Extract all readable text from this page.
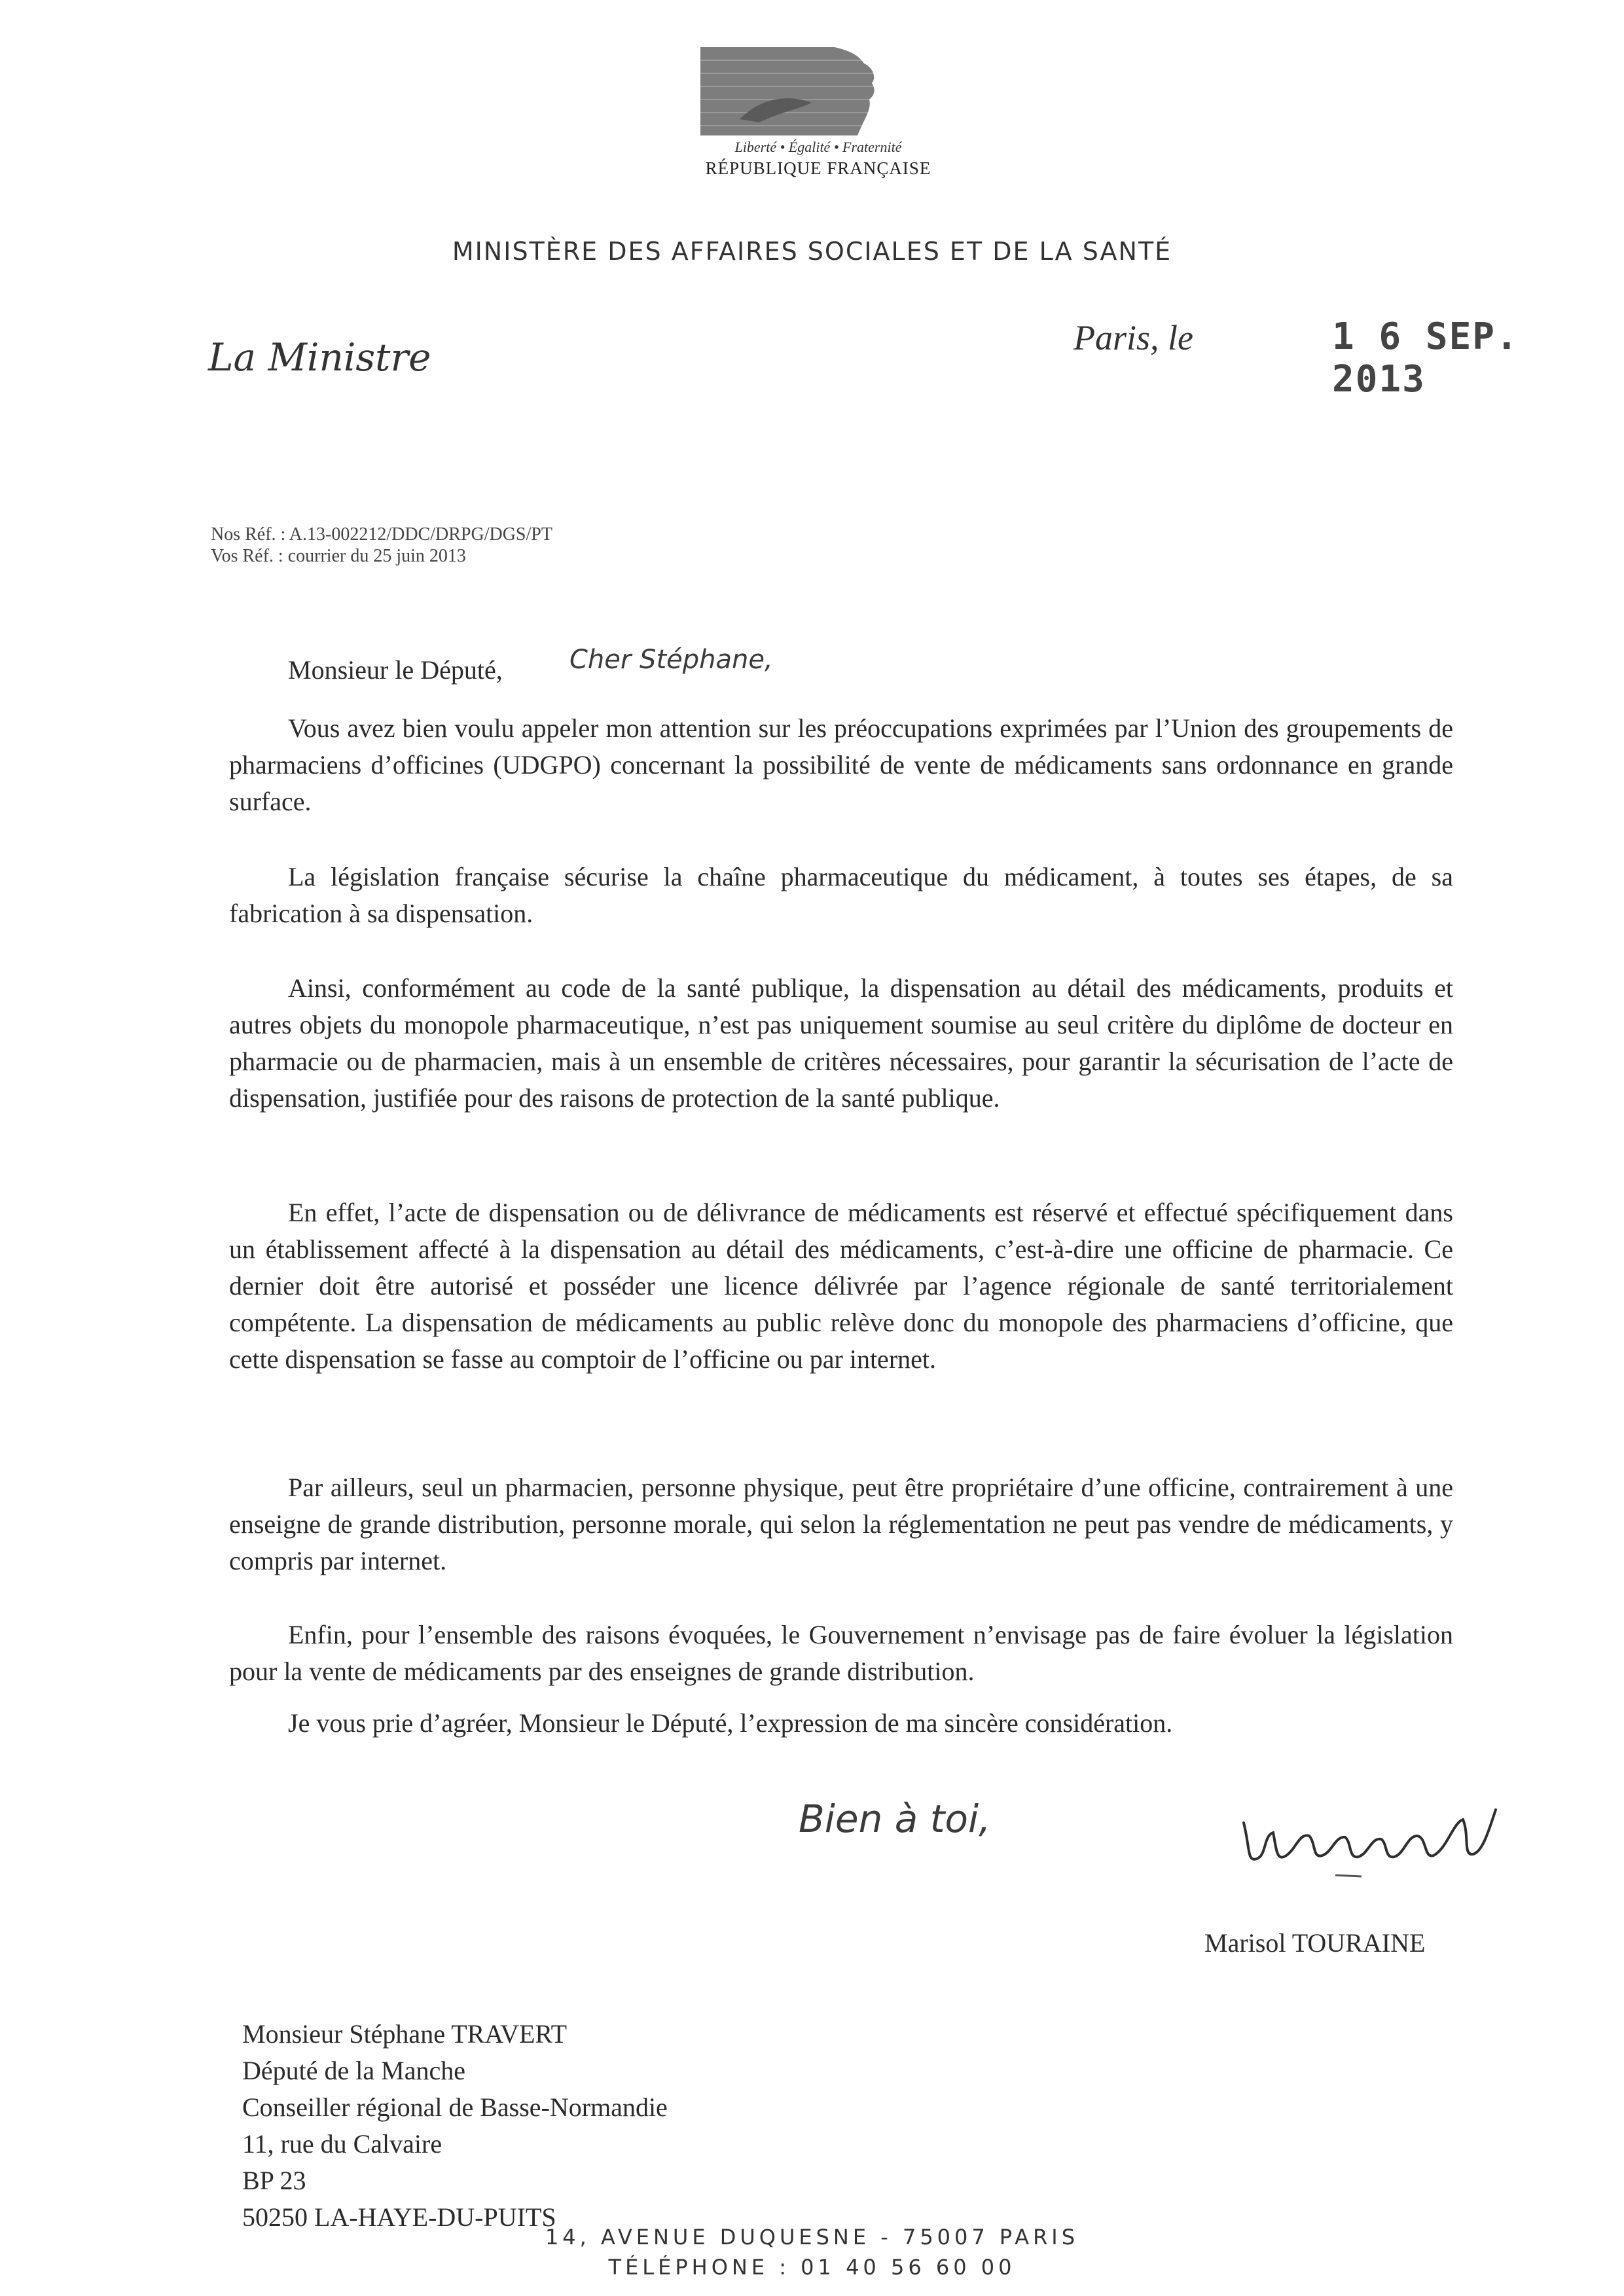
Liberté • Égalité • Fraternité
RÉPUBLIQUE FRANÇAISE
MINISTÈRE DES AFFAIRES SOCIALES ET DE LA SANTÉ
La Ministre	Paris, le	1 6 SEP. 2013
Nos Réf. : A.13-002212/DDC/DRPG/DGS/PT
Vos Réf. : courrier du 25 juin 2013
Monsieur le Député,	Cher Stéphane,

Vous avez bien voulu appeler mon attention sur les préoccupations exprimées par l’Union des groupements de pharmaciens d’officines (UDGPO) concernant la possibilité de vente de médicaments sans ordonnance en grande surface.

La législation française sécurise la chaîne pharmaceutique du médicament, à toutes ses étapes, de sa fabrication à sa dispensation.

Ainsi, conformément au code de la santé publique, la dispensation au détail des médicaments, produits et autres objets du monopole pharmaceutique, n’est pas uniquement soumise au seul critère du diplôme de docteur en pharmacie ou de pharmacien, mais à un ensemble de critères nécessaires, pour garantir la sécurisation de l’acte de dispensation, justifiée pour des raisons de protection de la santé publique.

En effet, l’acte de dispensation ou de délivrance de médicaments est réservé et effectué spécifiquement dans un établissement affecté à la dispensation au détail des médicaments, c’est-à-dire une officine de pharmacie. Ce dernier doit être autorisé et posséder une licence délivrée par l’agence régionale de santé territorialement compétente. La dispensation de médicaments au public relève donc du monopole des pharmaciens d’officine, que cette dispensation se fasse au comptoir de l’officine ou par internet.

Par ailleurs, seul un pharmacien, personne physique, peut être propriétaire d’une officine, contrairement à une enseigne de grande distribution, personne morale, qui selon la réglementation ne peut pas vendre de médicaments, y compris par internet.

Enfin, pour l’ensemble des raisons évoquées, le Gouvernement n’envisage pas de faire évoluer la législation pour la vente de médicaments par des enseignes de grande distribution.

Je vous prie d’agréer, Monsieur le Député, l’expression de ma sincère considération.

Bien à toi,
Marisol TOURAINE
Monsieur Stéphane TRAVERT
Député de la Manche
Conseiller régional de Basse-Normandie
11, rue du Calvaire
BP 23
50250 LA-HAYE-DU-PUITS
14, AVENUE DUQUESNE - 75007 PARIS
TÉLÉPHONE : 01 40 56 60 00
